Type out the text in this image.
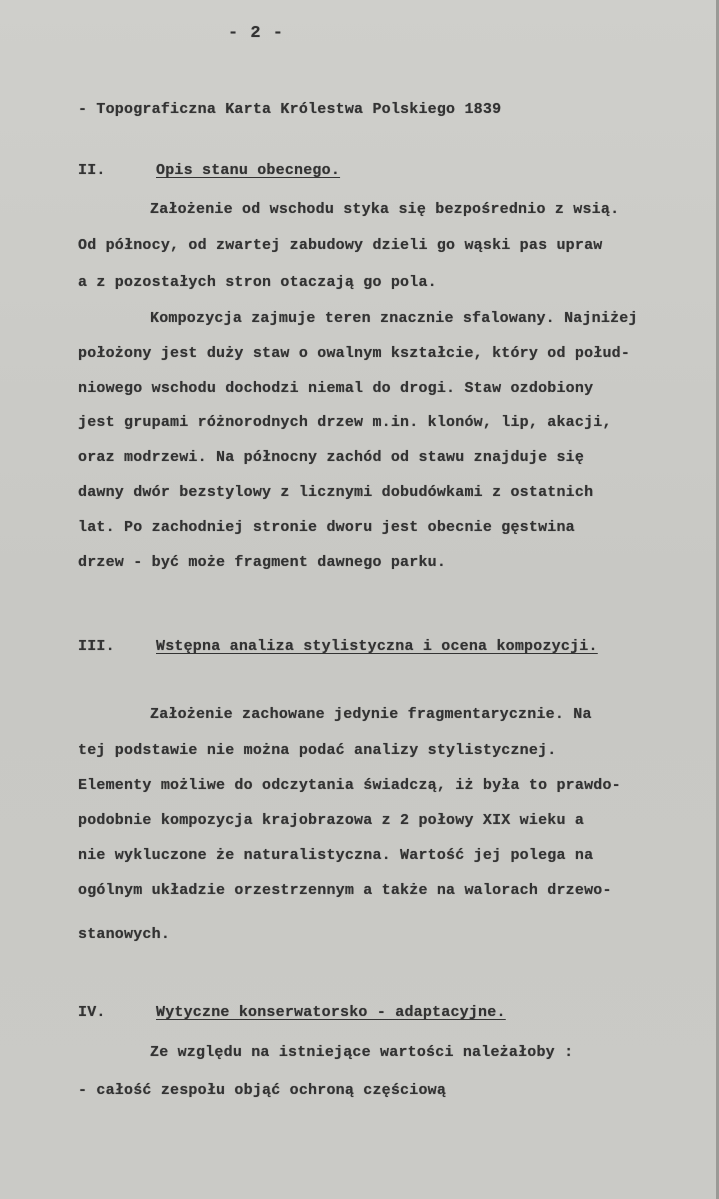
- 2 -
- Topograficzna Karta Królestwa Polskiego 1839
II.	Opis stanu obecnego.
Założenie od wschodu styka się bezpośrednio z wsią.
Od północy, od zwartej zabudowy dzieli go wąski pas upraw
a z pozostałych stron otaczają go pola.
Kompozycja zajmuje teren znacznie sfalowany. Najniżej
położony jest duży staw o owalnym kształcie, który od połud-
niowego wschodu dochodzi niemal do drogi. Staw ozdobiony
jest grupami różnorodnych drzew m.in. klonów, lip, akacji,
oraz modrzewi. Na północny zachód od stawu znajduje się
dawny dwór bezstylowy z licznymi dobudówkami z ostatnich
lat. Po zachodniej stronie dworu jest obecnie gęstwina
drzew - być może fragment dawnego parku.
III.	Wstępna analiza stylistyczna i ocena kompozycji.
Założenie zachowane jedynie fragmentarycznie. Na
tej podstawie nie można podać analizy stylistycznej.
Elementy możliwe do odczytania świadczą, iż była to prawdo-
podobnie kompozycja krajobrazowa z 2 połowy XIX wieku a
nie wykluczone że naturalistyczna. Wartość jej polega na
ogólnym układzie orzestrzennym a także na walorach drzewo-
stanowych.
IV.	Wytyczne konserwatorsko - adaptacyjne.
Ze względu na istniejące wartości należałoby :
- całość zespołu objąć ochroną częściową
